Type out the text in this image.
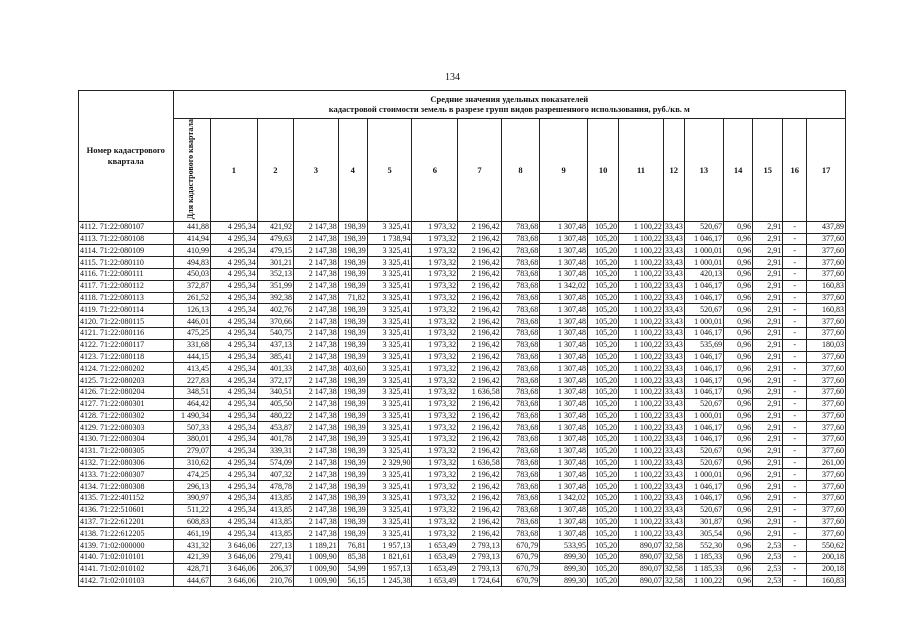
134
Номер кадастрового квартала	Средние значения удельных показателей
кадастровой стоимости земель в разрезе групп видов разрешенного использования, руб./кв. м																	

	Для кадастрового квартала	1	2	3	4	5	6	7	8	9	10	11	12	13	14	15	16	17
4112. 71:22:080107	441,88	4 295,34	421,92	2 147,38	198,39	3 325,41	1 973,32	2 196,42	783,68	1 307,48	105,20	1 100,22	33,43	520,67	0,96	2,91	-	437,89
4113. 71:22:080108	414,94	4 295,34	479,63	2 147,38	198,39	1 738,94	1 973,32	2 196,42	783,68	1 307,48	105,20	1 100,22	33,43	1 046,17	0,96	2,91	-	377,60
4114. 71:22:080109	410,99	4 295,34	479,15	2 147,38	198,39	3 325,41	1 973,32	2 196,42	783,68	1 307,48	105,20	1 100,22	33,43	1 000,01	0,96	2,91	-	377,60
4115. 71:22:080110	494,83	4 295,34	301,21	2 147,38	198,39	3 325,41	1 973,32	2 196,42	783,68	1 307,48	105,20	1 100,22	33,43	1 000,01	0,96	2,91	-	377,60
4116. 71:22:080111	450,03	4 295,34	352,13	2 147,38	198,39	3 325,41	1 973,32	2 196,42	783,68	1 307,48	105,20	1 100,22	33,43	420,13	0,96	2,91	-	377,60
4117. 71:22:080112	372,87	4 295,34	351,99	2 147,38	198,39	3 325,41	1 973,32	2 196,42	783,68	1 342,02	105,20	1 100,22	33,43	1 046,17	0,96	2,91	-	160,83
4118. 71:22:080113	261,52	4 295,34	392,38	2 147,38	71,82	3 325,41	1 973,32	2 196,42	783,68	1 307,48	105,20	1 100,22	33,43	1 046,17	0,96	2,91	-	377,60
4119. 71:22:080114	126,13	4 295,34	402,76	2 147,38	198,39	3 325,41	1 973,32	2 196,42	783,68	1 307,48	105,20	1 100,22	33,43	520,67	0,96	2,91	-	160,83
4120. 71:22:080115	446,01	4 295,34	370,66	2 147,38	198,39	3 325,41	1 973,32	2 196,42	783,68	1 307,48	105,20	1 100,22	33,43	1 000,01	0,96	2,91	-	377,60
4121. 71:22:080116	475,25	4 295,34	540,75	2 147,38	198,39	3 325,41	1 973,32	2 196,42	783,68	1 307,48	105,20	1 100,22	33,43	1 046,17	0,96	2,91	-	377,60
4122. 71:22:080117	331,68	4 295,34	437,13	2 147,38	198,39	3 325,41	1 973,32	2 196,42	783,68	1 307,48	105,20	1 100,22	33,43	535,69	0,96	2,91	-	180,03
4123. 71:22:080118	444,15	4 295,34	385,41	2 147,38	198,39	3 325,41	1 973,32	2 196,42	783,68	1 307,48	105,20	1 100,22	33,43	1 046,17	0,96	2,91	-	377,60
4124. 71:22:080202	413,45	4 295,34	401,33	2 147,38	403,60	3 325,41	1 973,32	2 196,42	783,68	1 307,48	105,20	1 100,22	33,43	1 046,17	0,96	2,91	-	377,60
4125. 71:22:080203	227,83	4 295,34	372,17	2 147,38	198,39	3 325,41	1 973,32	2 196,42	783,68	1 307,48	105,20	1 100,22	33,43	1 046,17	0,96	2,91	-	377,60
4126. 71:22:080204	348,51	4 295,34	340,51	2 147,38	198,39	3 325,41	1 973,32	1 636,58	783,68	1 307,48	105,20	1 100,22	33,43	1 046,17	0,96	2,91	-	377,60
4127. 71:22:080301	464,42	4 295,34	405,50	2 147,38	198,39	3 325,41	1 973,32	2 196,42	783,68	1 307,48	105,20	1 100,22	33,43	520,67	0,96	2,91	-	377,60
4128. 71:22:080302	1 490,34	4 295,34	480,22	2 147,38	198,39	3 325,41	1 973,32	2 196,42	783,68	1 307,48	105,20	1 100,22	33,43	1 000,01	0,96	2,91	-	377,60
4129. 71:22:080303	507,33	4 295,34	453,87	2 147,38	198,39	3 325,41	1 973,32	2 196,42	783,68	1 307,48	105,20	1 100,22	33,43	1 046,17	0,96	2,91	-	377,60
4130. 71:22:080304	380,01	4 295,34	401,78	2 147,38	198,39	3 325,41	1 973,32	2 196,42	783,68	1 307,48	105,20	1 100,22	33,43	1 046,17	0,96	2,91	-	377,60
4131. 71:22:080305	279,07	4 295,34	339,31	2 147,38	198,39	3 325,41	1 973,32	2 196,42	783,68	1 307,48	105,20	1 100,22	33,43	520,67	0,96	2,91	-	377,60
4132. 71:22:080306	310,62	4 295,34	574,09	2 147,38	198,39	2 329,90	1 973,32	1 636,58	783,68	1 307,48	105,20	1 100,22	33,43	520,67	0,96	2,91	-	261,00
4133. 71:22:080307	474,25	4 295,34	407,32	2 147,38	198,39	3 325,41	1 973,32	2 196,42	783,68	1 307,48	105,20	1 100,22	33,43	1 000,01	0,96	2,91	-	377,60
4134. 71:22:080308	296,13	4 295,34	478,78	2 147,38	198,39	3 325,41	1 973,32	2 196,42	783,68	1 307,48	105,20	1 100,22	33,43	1 046,17	0,96	2,91	-	377,60
4135. 71:22:401152	390,97	4 295,34	413,85	2 147,38	198,39	3 325,41	1 973,32	2 196,42	783,68	1 342,02	105,20	1 100,22	33,43	1 046,17	0,96	2,91	-	377,60
4136. 71:22:510601	511,22	4 295,34	413,85	2 147,38	198,39	3 325,41	1 973,32	2 196,42	783,68	1 307,48	105,20	1 100,22	33,43	520,67	0,96	2,91	-	377,60
4137. 71:22:612201	608,83	4 295,34	413,85	2 147,38	198,39	3 325,41	1 973,32	2 196,42	783,68	1 307,48	105,20	1 100,22	33,43	301,87	0,96	2,91	-	377,60
4138. 71:22:612205	461,19	4 295,34	413,85	2 147,38	198,39	3 325,41	1 973,32	2 196,42	783,68	1 307,48	105,20	1 100,22	33,43	305,54	0,96	2,91	-	377,60
4139. 71:02:000000	431,32	3 646,06	227,13	1 189,21	76,81	1 957,13	1 653,49	2 793,13	670,79	533,95	105,20	890,07	32,58	552,30	0,96	2,53	-	550,62
4140. 71:02:010101	421,39	3 646,06	279,41	1 009,90	85,38	1 821,61	1 653,49	2 793,13	670,79	899,30	105,20	890,07	32,58	1 185,33	0,96	2,53	-	200,18
4141. 71:02:010102	428,71	3 646,06	206,37	1 009,90	54,99	1 957,13	1 653,49	2 793,13	670,79	899,30	105,20	890,07	32,58	1 185,33	0,96	2,53	-	200,18
4142. 71:02:010103	444,67	3 646,06	210,76	1 009,90	56,15	1 245,38	1 653,49	1 724,64	670,79	899,30	105,20	890,07	32,58	1 100,22	0,96	2,53	-	160,83
